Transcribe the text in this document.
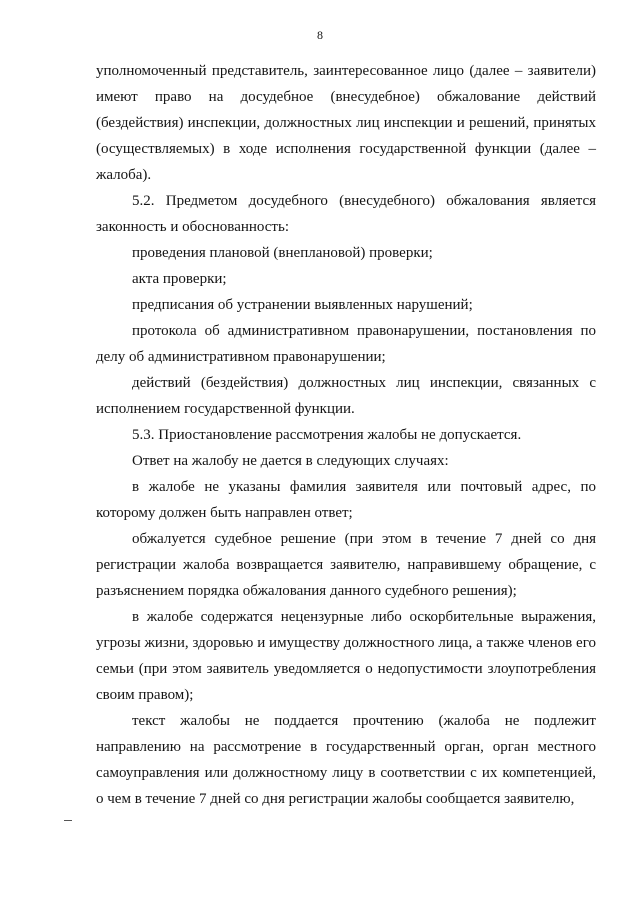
8

уполномоченный представитель, заинтересованное лицо (далее – заявители) имеют право на досудебное (внесудебное) обжалование действий (бездействия) инспекции, должностных лиц инспекции и решений, принятых (осуществляемых) в ходе исполнения государственной функции (далее – жалоба).

5.2. Предметом досудебного (внесудебного) обжалования является законность и обоснованность:

проведения плановой (внеплановой) проверки;

акта проверки;

предписания об устранении выявленных нарушений;

протокола об административном правонарушении, постановления по делу об административном правонарушении;

действий (бездействия) должностных лиц инспекции, связанных с исполнением государственной функции.

5.3. Приостановление рассмотрения жалобы не допускается.

Ответ на жалобу не дается в следующих случаях:

в жалобе не указаны фамилия заявителя или почтовый адрес, по которому должен быть направлен ответ;

обжалуется судебное решение (при этом в течение 7 дней со дня регистрации жалоба возвращается заявителю, направившему обращение, с разъяснением порядка обжалования данного судебного решения);

в жалобе содержатся нецензурные либо оскорбительные выражения, угрозы жизни, здоровью и имуществу должностного лица, а также членов его семьи (при этом заявитель уведомляется о недопустимости злоупотребления своим правом);

текст жалобы не поддается прочтению (жалоба не подлежит направлению на рассмотрение в государственный орган, орган местного самоуправления или должностному лицу в соответствии с их компетенцией, о чем в течение 7 дней со дня регистрации жалобы сообщается заявителю,
